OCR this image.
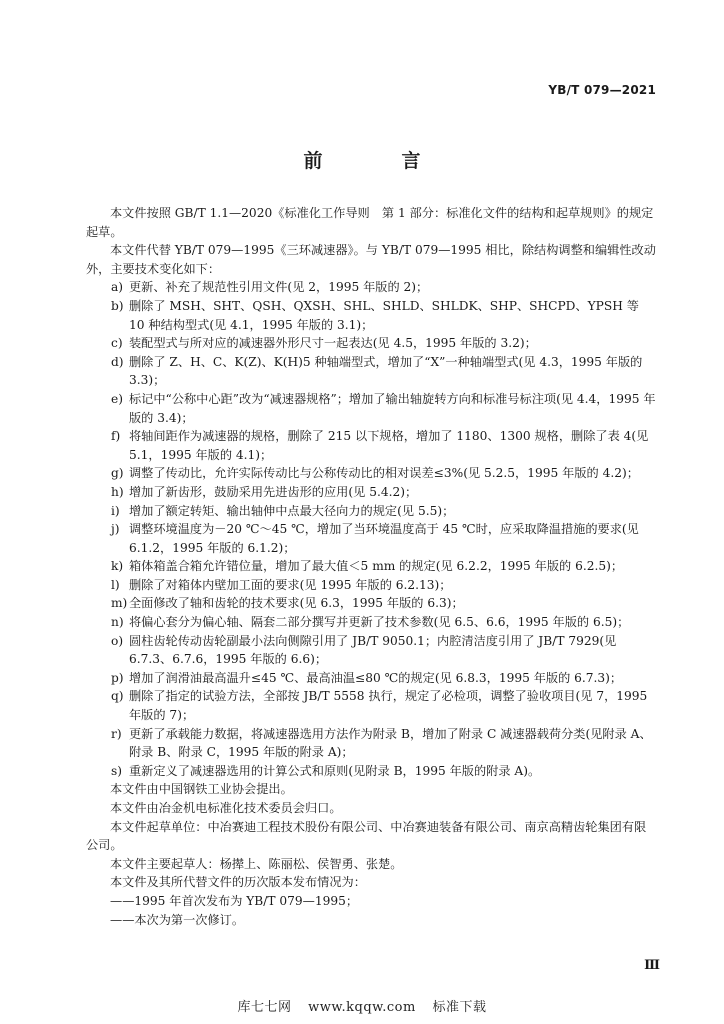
YB/T 079—2021
前　言

本文件按照 GB/T 1.1—2020《标准化工作导则　第 1 部分：标准化文件的结构和起草规则》的规定起草。

本文件代替 YB/T 079—1995《三环减速器》。与 YB/T 079—1995 相比，除结构调整和编辑性改动外，主要技术变化如下：

a) 更新、补充了规范性引用文件(见 2，1995 年版的 2)；
b) 删除了 MSH、SHT、QSH、QXSH、SHL、SHLD、SHLDK、SHP、SHCPD、YPSH 等 10 种结构型式(见 4.1，1995 年版的 3.1)；
c) 装配型式与所对应的减速器外形尺寸一起表达(见 4.5，1995 年版的 3.2)；
d) 删除了 Z、H、C、K(Z)、K(H)5 种轴端型式，增加了“X”一种轴端型式(见 4.3，1995 年版的 3.3)；
e) 标记中“公称中心距”改为“减速器规格”；增加了输出轴旋转方向和标准号标注项(见 4.4，1995 年版的 3.4)；
f) 将轴间距作为减速器的规格，删除了 215 以下规格，增加了 1180、1300 规格，删除了表 4(见 5.1，1995 年版的 4.1)；
g) 调整了传动比，允许实际传动比与公称传动比的相对误差≤3%(见 5.2.5，1995 年版的 4.2)；
h) 增加了新齿形，鼓励采用先进齿形的应用(见 5.4.2)；
i) 增加了额定转矩、输出轴伸中点最大径向力的规定(见 5.5)；
j) 调整环境温度为－20 ℃～45 ℃，增加了当环境温度高于 45 ℃时，应采取降温措施的要求(见 6.1.2，1995 年版的 6.1.2)；
k) 箱体箱盖合箱允许错位量，增加了最大值＜5 mm 的规定(见 6.2.2，1995 年版的 6.2.5)；
l) 删除了对箱体内壁加工面的要求(见 1995 年版的 6.2.13)；
m) 全面修改了轴和齿轮的技术要求(见 6.3，1995 年版的 6.3)；
n) 将偏心套分为偏心轴、隔套二部分撰写并更新了技术参数(见 6.5、6.6，1995 年版的 6.5)；
o) 圆柱齿轮传动齿轮副最小法向侧隙引用了 JB/T 9050.1；内腔清洁度引用了 JB/T 7929(见 6.7.3、6.7.6，1995 年版的 6.6)；
p) 增加了润滑油最高温升≤45 ℃、最高油温≤80 ℃的规定(见 6.8.3，1995 年版的 6.7.3)；
q) 删除了指定的试验方法，全部按 JB/T 5558 执行，规定了必检项，调整了验收项目(见 7，1995 年版的 7)；
r) 更新了承载能力数据，将减速器选用方法作为附录 B，增加了附录 C 减速器载荷分类(见附录 A、附录 B、附录 C，1995 年版的附录 A)；
s) 重新定义了减速器选用的计算公式和原则(见附录 B，1995 年版的附录 A)。

本文件由中国钢铁工业协会提出。

本文件由冶金机电标准化技术委员会归口。

本文件起草单位：中冶赛迪工程技术股份有限公司、中冶赛迪装备有限公司、南京高精齿轮集团有限公司。

本文件主要起草人：杨撵上、陈丽松、侯智勇、张楚。

本文件及其所代替文件的历次版本发布情况为：

——1995 年首次发布为 YB/T 079—1995；

——本次为第一次修订。

Ⅲ
库七七网 www.kqqw.com 标准下载
